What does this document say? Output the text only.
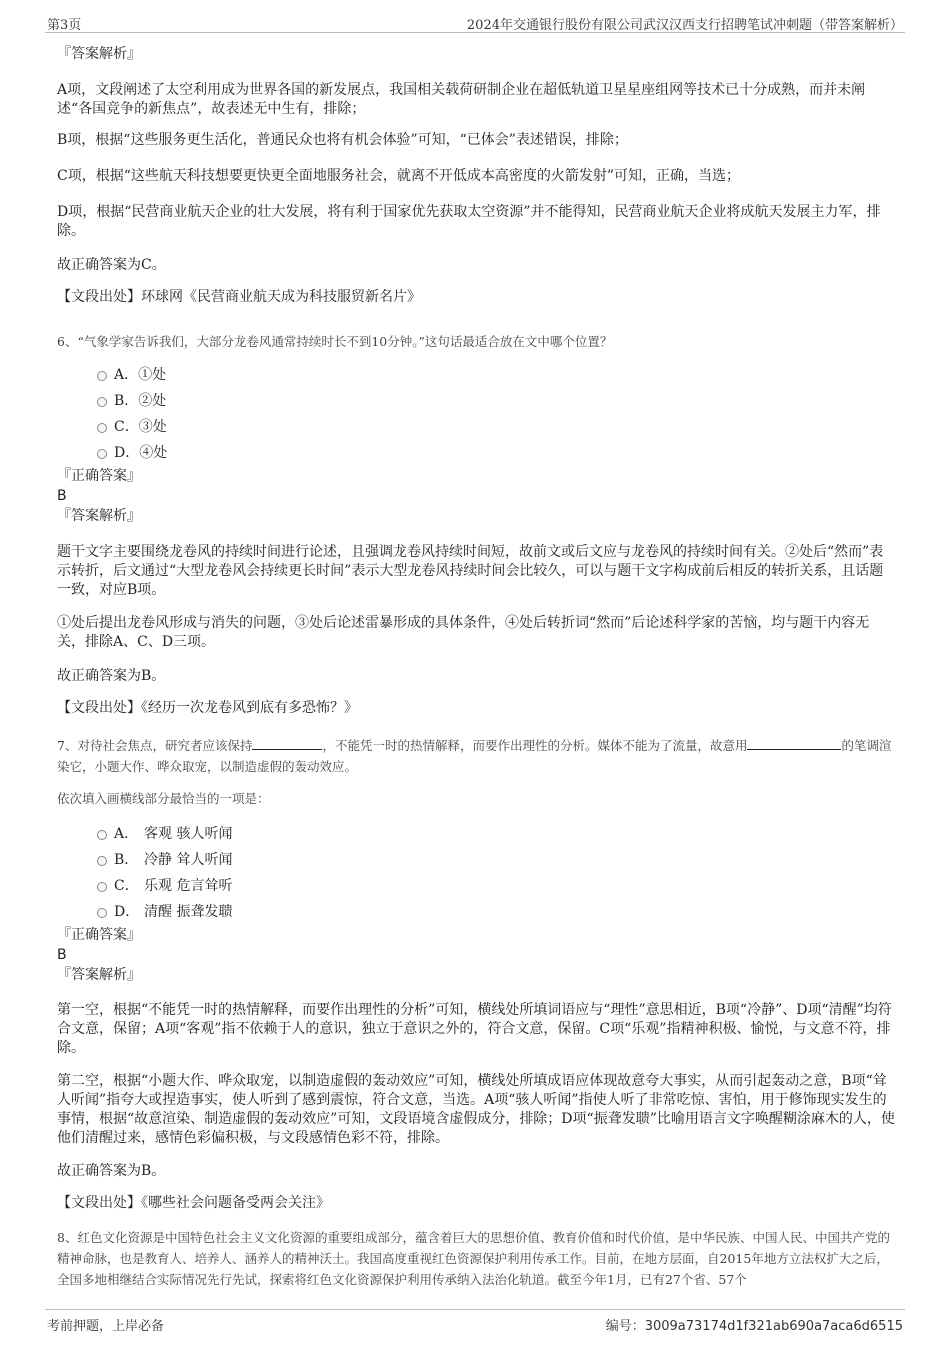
第3页	2024年交通银行股份有限公司武汉汉西支行招聘笔试冲刺题（带答案解析）

『答案解析』

A项，文段阐述了太空利用成为世界各国的新发展点，我国相关载荷研制企业在超低轨道卫星星座组网等技术已十分成熟，而并未阐述“各国竞争的新焦点”，故表述无中生有，排除；

B项，根据“这些服务更生活化，普通民众也将有机会体验”可知，“已体会”表述错误，排除；

C项，根据“这些航天科技想要更快更全面地服务社会，就离不开低成本高密度的火箭发射”可知，正确，当选；

D项，根据“民营商业航天企业的壮大发展，将有利于国家优先获取太空资源”并不能得知，民营商业航天企业将成航天发展主力军，排除。

故正确答案为C。

【文段出处】环球网《民营商业航天成为科技服贸新名片》

6、“气象学家告诉我们，大部分龙卷风通常持续时长不到10分钟。”这句话最适合放在文中哪个位置？

A．①处
B．②处
C．③处
D．④处

『正确答案』

B

『答案解析』

题干文字主要围绕龙卷风的持续时间进行论述，且强调龙卷风持续时间短，故前文或后文应与龙卷风的持续时间有关。②处后“然而”表示转折，后文通过“大型龙卷风会持续更长时间”表示大型龙卷风持续时间会比较久，可以与题干文字构成前后相反的转折关系，且话题一致，对应B项。

①处后提出龙卷风形成与消失的问题，③处后论述雷暴形成的具体条件，④处后转折词“然而”后论述科学家的苦恼，均与题干内容无关，排除A、C、D三项。

故正确答案为B。

【文段出处】《经历一次龙卷风到底有多恐怖？》

7、对待社会焦点，研究者应该保持	，不能凭一时的热情解释，而要作出理性的分析。媒体不能为了流量，故意用	的笔调渲染它，小题大作、哗众取宠，以制造虚假的轰动效应。

依次填入画横线部分最恰当的一项是：

A． 客观 骇人听闻
B． 冷静 耸人听闻
C． 乐观 危言耸听
D． 清醒 振聋发聩

『正确答案』

B

『答案解析』

第一空，根据“不能凭一时的热情解释，而要作出理性的分析”可知，横线处所填词语应与“理性”意思相近，B项“冷静”、D项“清醒”均符合文意，保留；A项“客观”指不依赖于人的意识，独立于意识之外的，符合文意，保留。C项“乐观”指精神积极、愉悦，与文意不符，排除。

第二空，根据“小题大作、哗众取宠，以制造虚假的轰动效应”可知，横线处所填成语应体现故意夸大事实，从而引起轰动之意，B项“耸人听闻”指夸大或捏造事实，使人听到了感到震惊，符合文意，当选。A项“骇人听闻”指使人听了非常吃惊、害怕，用于修饰现实发生的事情，根据“故意渲染、制造虚假的轰动效应”可知，文段语境含虚假成分，排除；D项“振聋发聩”比喻用语言文字唤醒糊涂麻木的人，使他们清醒过来，感情色彩偏积极，与文段感情色彩不符，排除。

故正确答案为B。

【文段出处】《哪些社会问题备受两会关注》

8、红色文化资源是中国特色社会主义文化资源的重要组成部分，蕴含着巨大的思想价值、教育价值和时代价值，是中华民族、中国人民、中国共产党的精神命脉，也是教育人、培养人、涵养人的精神沃土。我国高度重视红色资源保护利用传承工作。目前，在地方层面，自2015年地方立法权扩大之后，全国多地相继结合实际情况先行先试，探索将红色文化资源保护利用传承纳入法治化轨道。截至今年1月，已有27个省、57个

考前押题，上岸必备	编号：3009a73174d1f321ab690a7aca6d6515
